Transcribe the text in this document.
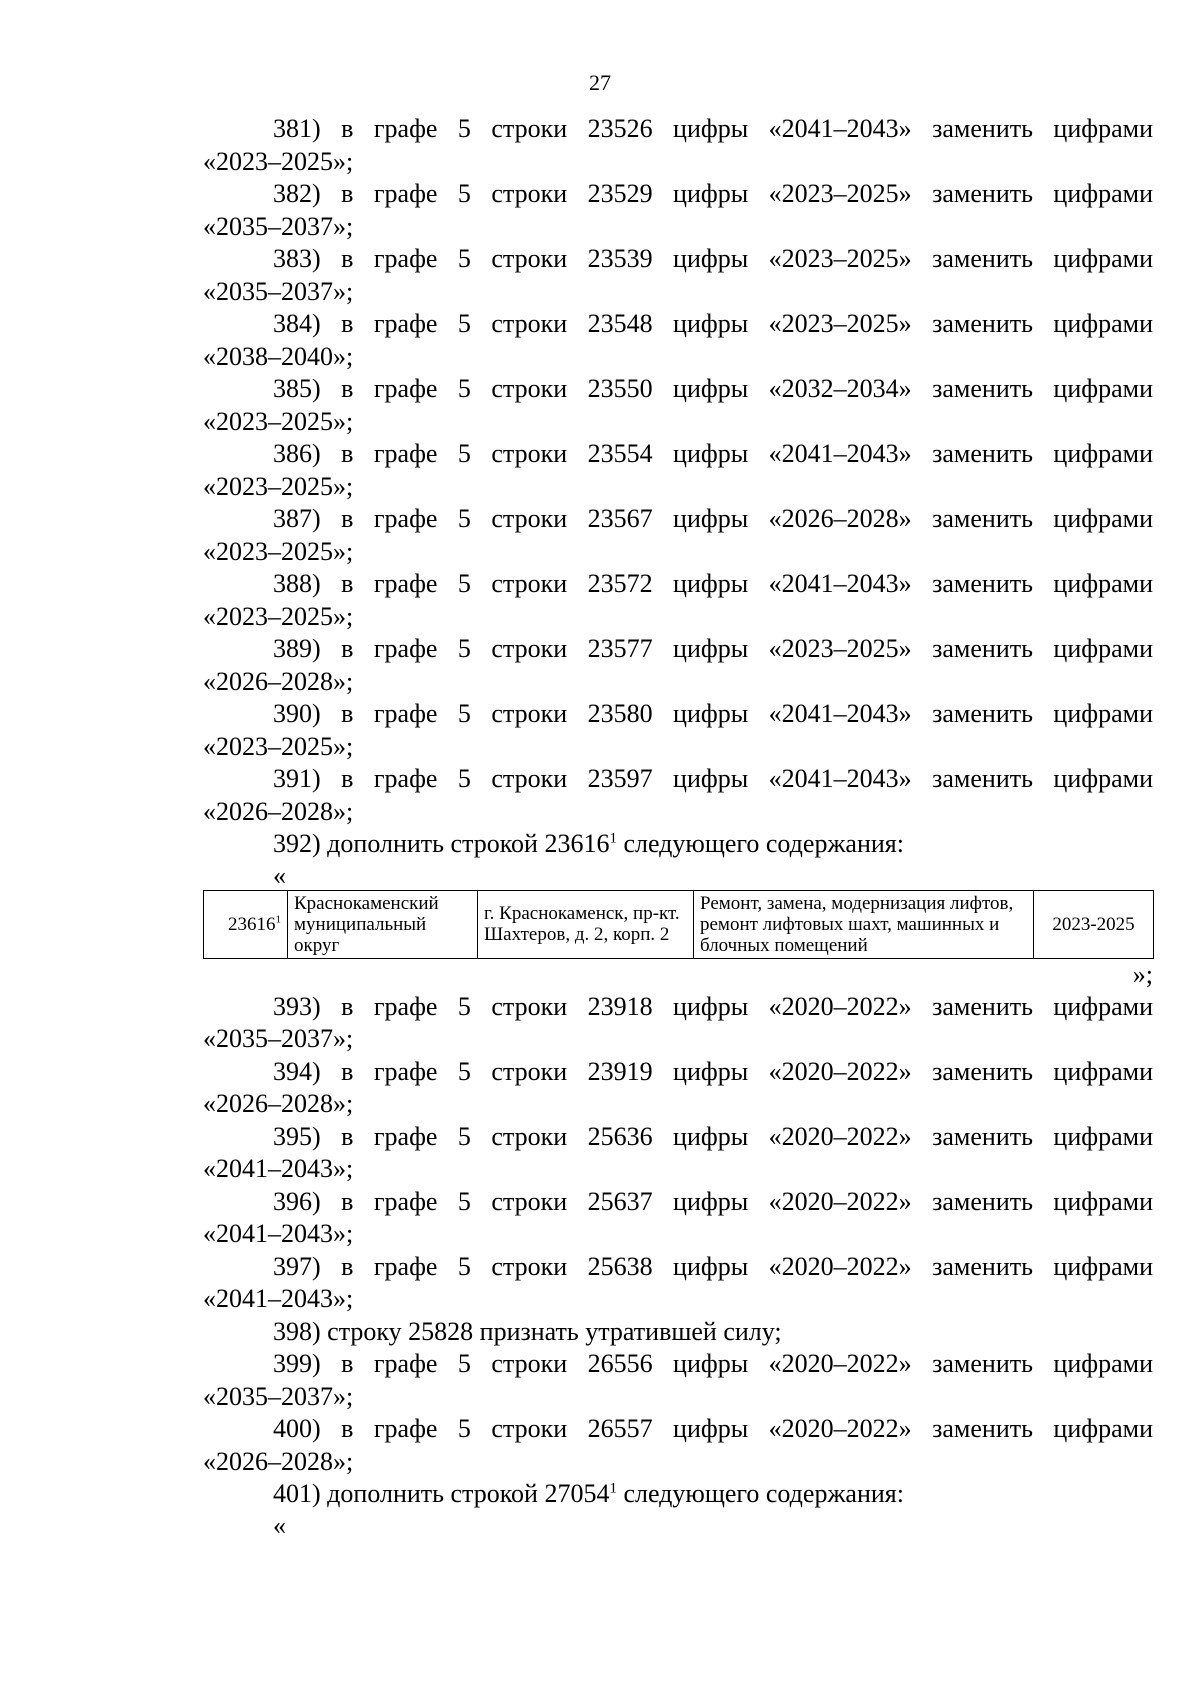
27
381) в графе 5 строки 23526 цифры «2041–2043» заменить цифрами
«2023–2025»;
382) в графе 5 строки 23529 цифры «2023–2025» заменить цифрами
«2035–2037»;
383) в графе 5 строки 23539 цифры «2023–2025» заменить цифрами
«2035–2037»;
384) в графе 5 строки 23548 цифры «2023–2025» заменить цифрами
«2038–2040»;
385) в графе 5 строки 23550 цифры «2032–2034» заменить цифрами
«2023–2025»;
386) в графе 5 строки 23554 цифры «2041–2043» заменить цифрами
«2023–2025»;
387) в графе 5 строки 23567 цифры «2026–2028» заменить цифрами
«2023–2025»;
388) в графе 5 строки 23572 цифры «2041–2043» заменить цифрами
«2023–2025»;
389) в графе 5 строки 23577 цифры «2023–2025» заменить цифрами
«2026–2028»;
390) в графе 5 строки 23580 цифры «2041–2043» заменить цифрами
«2023–2025»;
391) в графе 5 строки 23597 цифры «2041–2043» заменить цифрами
«2026–2028»;
392) дополнить строкой 23616$^1$ следующего содержания:
«
23616$^1$	Краснокаменский муниципальный округ	г. Краснокаменск, пр-кт. Шахтеров, д. 2, корп. 2	Ремонт, замена, модернизация лифтов, ремонт лифтовых шахт, машинных и блочных помещений	2023-2025
»;
393) в графе 5 строки 23918 цифры «2020–2022» заменить цифрами
«2035–2037»;
394) в графе 5 строки 23919 цифры «2020–2022» заменить цифрами
«2026–2028»;
395) в графе 5 строки 25636 цифры «2020–2022» заменить цифрами
«2041–2043»;
396) в графе 5 строки 25637 цифры «2020–2022» заменить цифрами
«2041–2043»;
397) в графе 5 строки 25638 цифры «2020–2022» заменить цифрами
«2041–2043»;
398) строку 25828 признать утратившей силу;
399) в графе 5 строки 26556 цифры «2020–2022» заменить цифрами
«2035–2037»;
400) в графе 5 строки 26557 цифры «2020–2022» заменить цифрами
«2026–2028»;
401) дополнить строкой 27054$^1$ следующего содержания:
«
